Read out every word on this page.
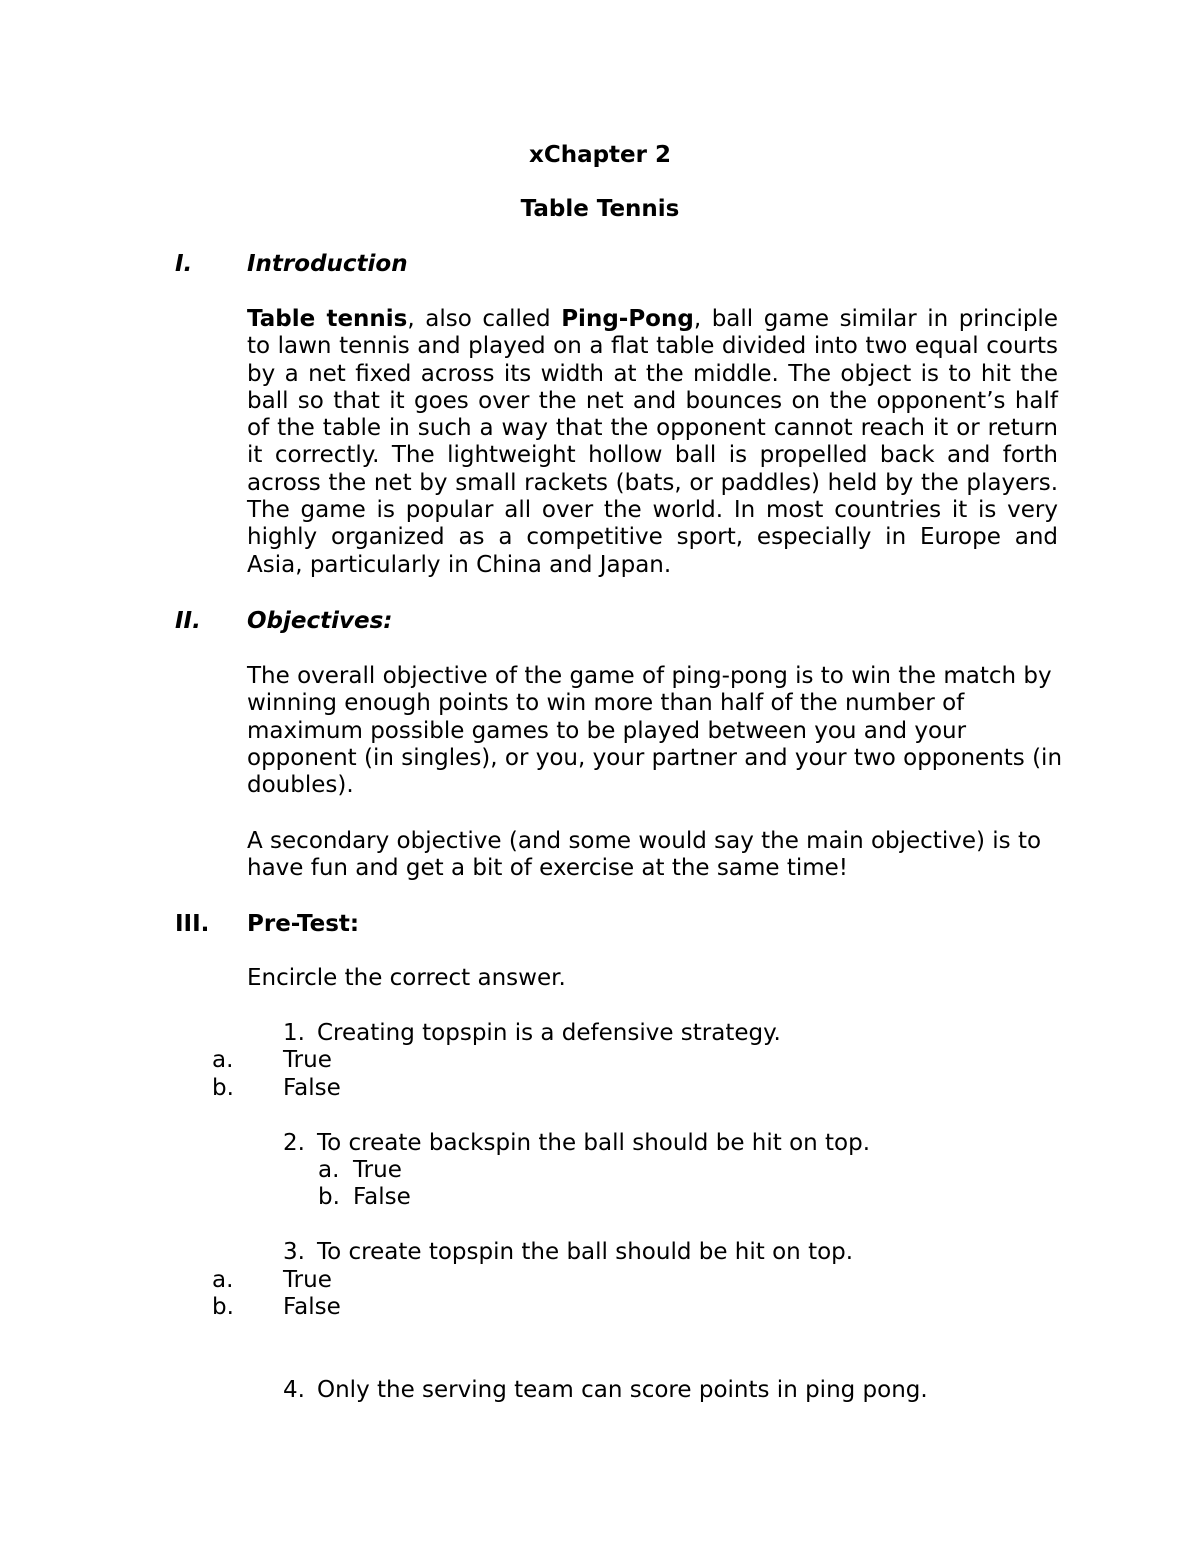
xChapter 2

Table Tennis

I. Introduction

Table tennis, also called Ping-Pong, ball game similar in principle to lawn tennis and played on a flat table divided into two equal courts by a net fixed across its width at the middle. The object is to hit the ball so that it goes over the net and bounces on the opponent’s half of the table in such a way that the opponent cannot reach it or return it correctly. The lightweight hollow ball is propelled back and forth across the net by small rackets (bats, or paddles) held by the players. The game is popular all over the world. In most countries it is very highly organized as a competitive sport, especially in Europe and Asia, particularly in China and Japan.

II. Objectives:

The overall objective of the game of ping-pong is to win the match by winning enough points to win more than half of the number of maximum possible games to be played between you and your opponent (in singles), or you, your partner and your two opponents (in doubles).

A secondary objective (and some would say the main objective) is to have fun and get a bit of exercise at the same time!

III. Pre-Test:

Encircle the correct answer.

1. Creating topspin is a defensive strategy.

a. True

b. False

2. To create backspin the ball should be hit on top.

a. True

b. False

3. To create topspin the ball should be hit on top.

a. True

b. False

4. Only the serving team can score points in ping pong.
